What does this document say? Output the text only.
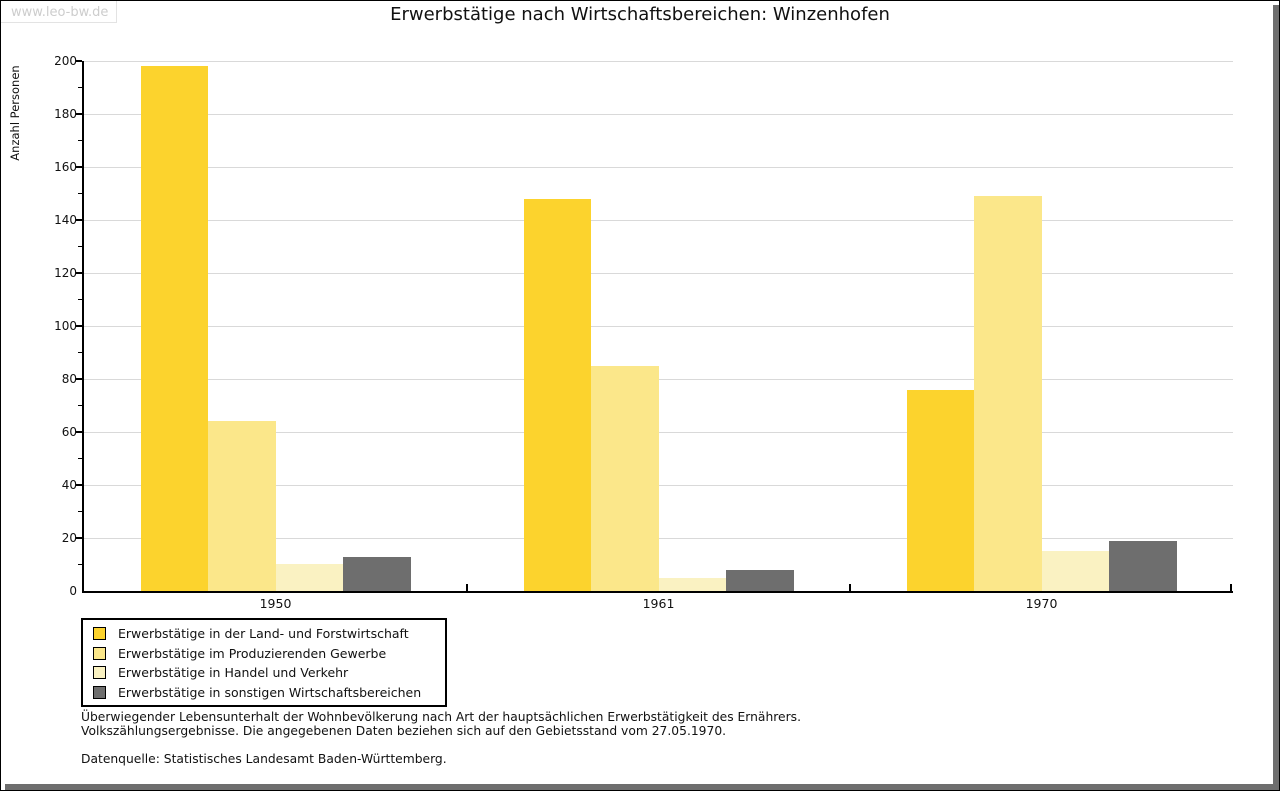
www.leo-bw.de	Erwerbstätige nach Wirtschaftsbereichen: Winzenhofen
Anzahl Personen
0
20
40
60
80
100
120
140
160
180
200
1950	1961	1970
Erwerbstätige in der Land- und Forstwirtschaft
Erwerbstätige im Produzierenden Gewerbe
Erwerbstätige in Handel und Verkehr
Erwerbstätige in sonstigen Wirtschaftsbereichen
Überwiegender Lebensunterhalt der Wohnbevölkerung nach Art der hauptsächlichen Erwerbstätigkeit des Ernährers.
Volkszählungsergebnisse. Die angegebenen Daten beziehen sich auf den Gebietsstand vom 27.05.1970.
Datenquelle: Statistisches Landesamt Baden-Württemberg.
